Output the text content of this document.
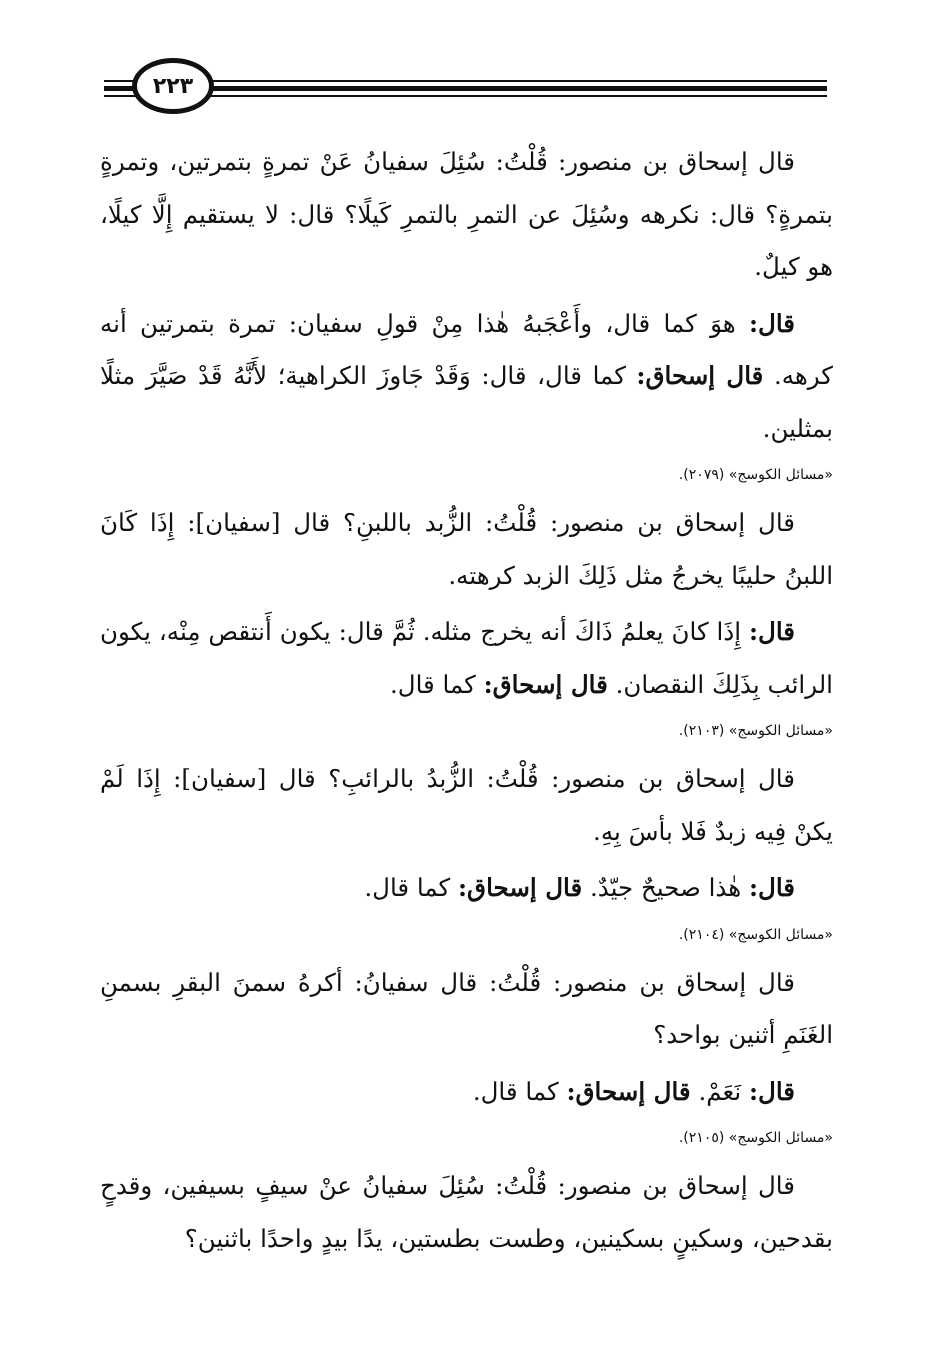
٢٢٣

قال إسحاق بن منصور: قُلْتُ: سُئِلَ سفيانُ عَنْ تمرةٍ بتمرتين، وتمرةٍ بتمرةٍ؟ قال: نكرهه وسُئِلَ عن التمرِ بالتمرِ كَيلًا؟ قال: لا يستقيم إِلَّا كيلًا، هو كيلٌ.

قال: هوَ كما قال، وأَعْجَبهُ هٰذا مِنْ قولِ سفيان: تمرة بتمرتين أنه كرهه. قال إسحاق: كما قال، قال: وَقَدْ جَاوزَ الكراهية؛ لأَنَّهُ قَدْ صَيَّرَ مثلًا بمثلين.

«مسائل الكوسج» (٢٠٧٩).

قال إسحاق بن منصور: قُلْتُ: الزُّبد باللبنِ؟ قال [سفيان]: إِذَا كَانَ اللبنُ حليبًا يخرجُ مثل ذَلِكَ الزبد كرهته.

قال: إِذَا كانَ يعلمُ ذَاكَ أنه يخرج مثله. ثُمَّ قال: يكون أَنتقص مِنْه، يكون الرائب بِذَلِكَ النقصان. قال إسحاق: كما قال.

«مسائل الكوسج» (٢١٠٣).

قال إسحاق بن منصور: قُلْتُ: الزُّبدُ بالرائبِ؟ قال [سفيان]: إِذَا لَمْ يكنْ فِيه زبدٌ فَلا بأسَ بِهِ.

قال: هٰذا صحيحٌ جيّدٌ. قال إسحاق: كما قال.

«مسائل الكوسج» (٢١٠٤).

قال إسحاق بن منصور: قُلْتُ: قال سفيانُ: أكرهُ سمنَ البقرِ بسمنِ الغَنَمِ أثنين بواحد؟

قال: نَعَمْ. قال إسحاق: كما قال.

«مسائل الكوسج» (٢١٠٥).

قال إسحاق بن منصور: قُلْتُ: سُئِلَ سفيانُ عنْ سيفٍ بسيفين، وقدحٍ بقدحين، وسكينٍ بسكينين، وطست بطستين، يدًا بيدٍ واحدًا باثنين؟
